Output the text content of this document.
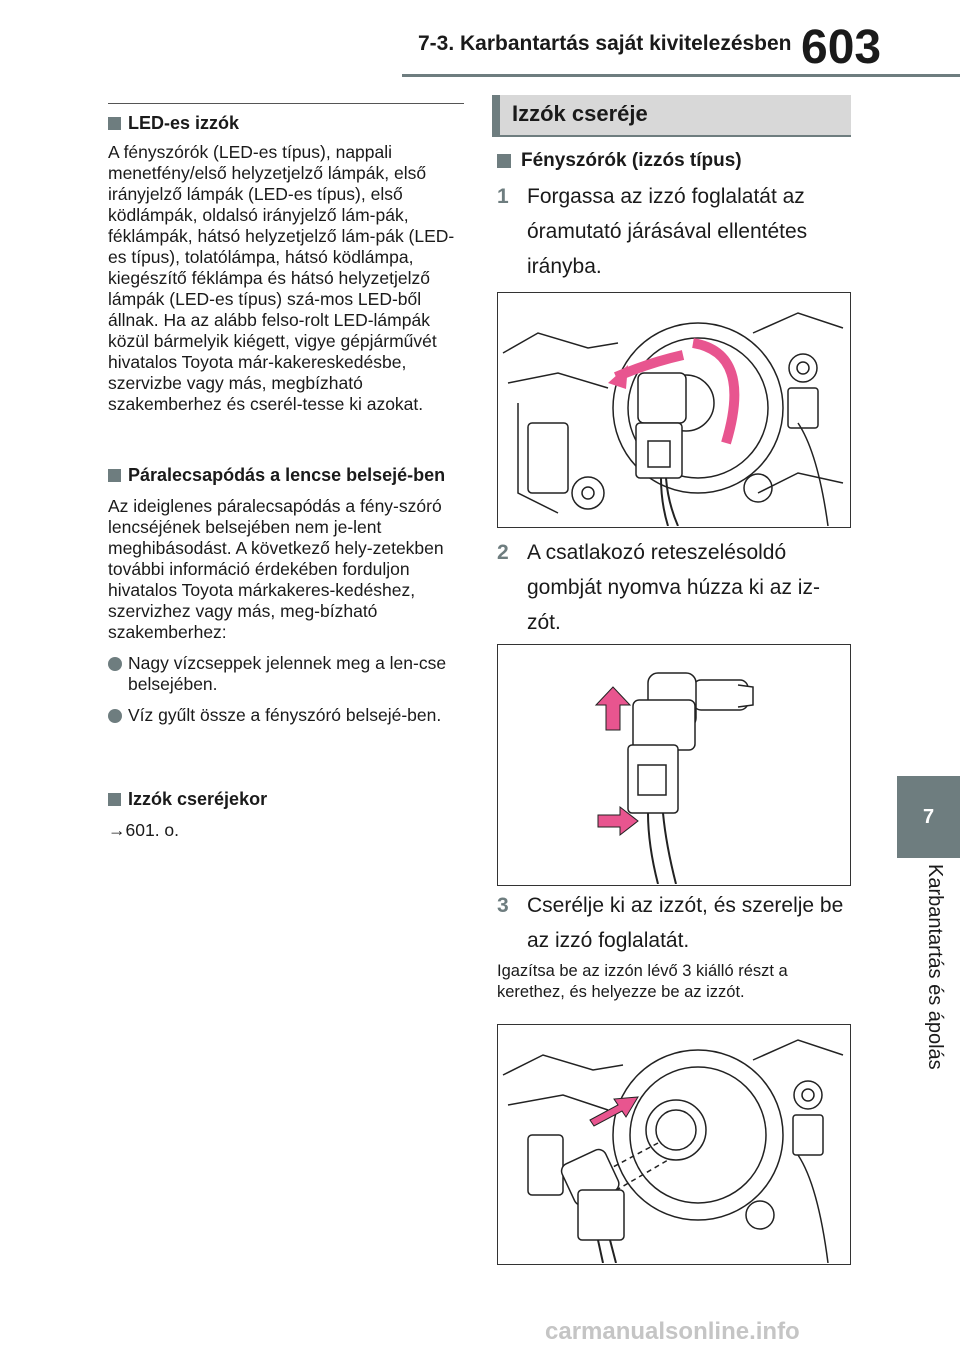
7-3. Karbantartás saját kivitelezésben 603
7
Karbantartás és ápolás
LED-es izzók
A fényszórók (LED-es típus), nappali menetfény/első helyzetjelző lámpák, első irányjelző lámpák (LED-es típus), első ködlámpák, oldalsó irányjelző lám-pák, féklámpák, hátsó helyzetjelző lám-pák (LED-es típus), tolatólámpa, hátsó ködlámpa, kiegészítő féklámpa és hátsó helyzetjelző lámpák (LED-es típus) szá-mos LED-ből állnak. Ha az alább felso-rolt LED-lámpák közül bármelyik kiégett, vigye gépjárművét hivatalos Toyota már-kakereskedésbe, szervizbe vagy más, megbízható szakemberhez és cserél-tesse ki azokat.
Páralecsapódás a lencse belsejé-ben
Az ideiglenes páralecsapódás a fény-szóró lencséjének belsejében nem je-lent meghibásodást. A következő hely-zetekben további információ érdekében forduljon hivatalos Toyota márkakeres-kedéshez, szervizhez vagy más, meg-bízható szakemberhez:
Nagy vízcseppek jelennek meg a len-cse belsejében.
Víz gyűlt össze a fényszóró belsejé-ben.
Izzók cseréjekor
→601. o.
Izzók cseréje
Fényszórók (izzós típus)
1 Forgassa az izzó foglalatát az óramutató járásával ellentétes irányba.
2 A csatlakozó reteszelésoldó gombját nyomva húzza ki az iz-zót.
3 Cserélje ki az izzót, és szerelje be az izzó foglalatát.
Igazítsa be az izzón lévő 3 kiálló részt a kerethez, és helyezze be az izzót.
carmanualsonline.info
